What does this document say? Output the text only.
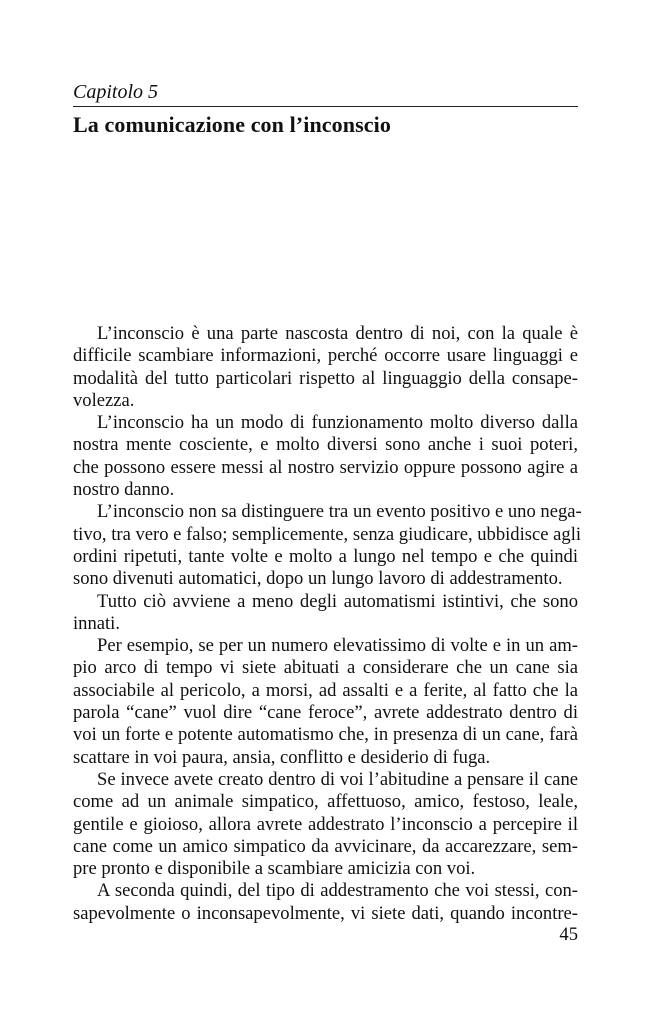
Capitolo 5
La comunicazione con l’inconscio
L’inconscio è una parte nascosta dentro di noi, con la quale è
difficile scambiare informazioni, perché occorre usare linguaggi e
modalità del tutto particolari rispetto al linguaggio della consape-
volezza.
L’inconscio ha un modo di funzionamento molto diverso dalla
nostra mente cosciente, e molto diversi sono anche i suoi poteri,
che possono essere messi al nostro servizio oppure possono agire a
nostro danno.
L’inconscio non sa distinguere tra un evento positivo e uno nega-
tivo, tra vero e falso; semplicemente, senza giudicare, ubbidisce agli
ordini ripetuti, tante volte e molto a lungo nel tempo e che quindi
sono divenuti automatici, dopo un lungo lavoro di addestramento.
Tutto ciò avviene a meno degli automatismi istintivi, che sono
innati.
Per esempio, se per un numero elevatissimo di volte e in un am-
pio arco di tempo vi siete abituati a considerare che un cane sia
associabile al pericolo, a morsi, ad assalti e a ferite, al fatto che la
parola “cane” vuol dire “cane feroce”, avrete addestrato dentro di
voi un forte e potente automatismo che, in presenza di un cane, farà
scattare in voi paura, ansia, conflitto e desiderio di fuga.
Se invece avete creato dentro di voi l’abitudine a pensare il cane
come ad un animale simpatico, affettuoso, amico, festoso, leale,
gentile e gioioso, allora avrete addestrato l’inconscio a percepire il
cane come un amico simpatico da avvicinare, da accarezzare, sem-
pre pronto e disponibile a scambiare amicizia con voi.
A seconda quindi, del tipo di addestramento che voi stessi, con-
sapevolmente o inconsapevolmente, vi siete dati, quando incontre-
45
